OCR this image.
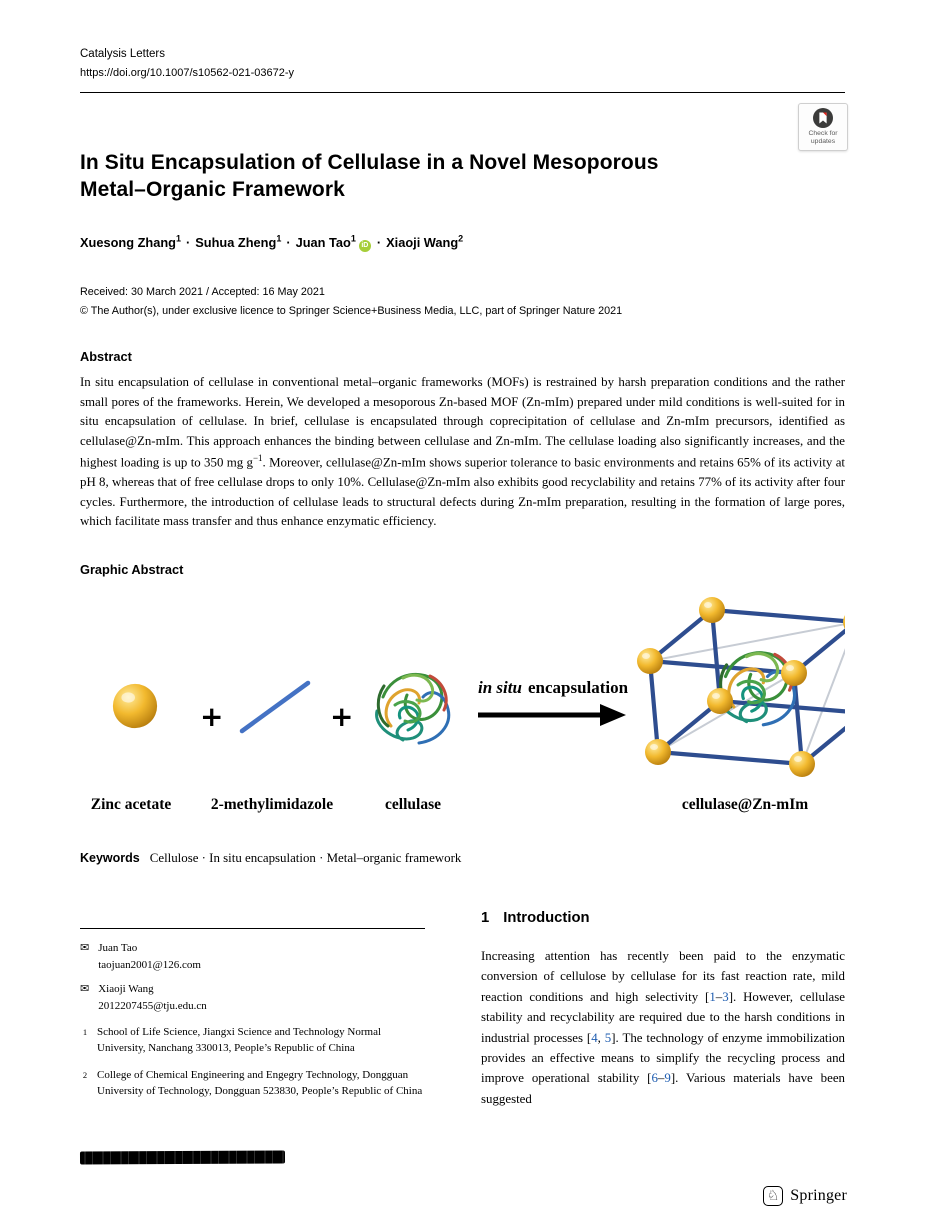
Check for
updates
Catalysis Letters
https://doi.org/10.1007/s10562-021-03672-y
In Situ Encapsulation of Cellulase in a Novel Mesoporous Metal–Organic Framework
Xuesong Zhang$^1$ · Suhua Zheng$^1$ · Juan Tao$^1$iD · Xiaoji Wang$^2$
Received: 30 March 2021 / Accepted: 16 May 2021
© The Author(s), under exclusive licence to Springer Science+Business Media, LLC, part of Springer Nature 2021
Abstract

In situ encapsulation of cellulase in conventional metal–organic frameworks (MOFs) is restrained by harsh preparation conditions and the rather small pores of the frameworks. Herein, We developed a mesoporous Zn-based MOF (Zn-mIm) prepared under mild conditions is well-suited for in situ encapsulation of cellulase. In brief, cellulase is encapsulated through coprecipitation of cellulase and Zn-mIm precursors, identified as cellulase@Zn-mIm. This approach enhances the binding between cellulase and Zn-mIm. The cellulase loading also significantly increases, and the highest loading is up to 350 mg $g^{-1}$. Moreover, cellulase@Zn-mIm shows superior tolerance to basic environments and retains 65% of its activity at pH 8, whereas that of free cellulase drops to only 10%. Cellulase@Zn-mIm also exhibits good recyclability and retains 77% of its activity after four cycles. Furthermore, the introduction of cellulase leads to structural defects during Zn-mIm preparation, resulting in the formation of large pores, which facilitate mass transfer and thus enhance enzymatic efficiency.

Graphic Abstract
+	+
in situ encapsulation
Zinc acetate	2-methylimidazole	cellulase	cellulase@Zn-mIm

Keywords Cellulose · In situ encapsulation · Metal–organic framework

✉ Juan Tao
taojuan2001@126.com
✉ Xiaoji Wang
2012207455@tju.edu.cn
1 School of Life Science, Jiangxi Science and Technology Normal University, Nanchang 330013, People’s Republic of China
2 College of Chemical Engineering and Engegry Technology, Dongguan University of Technology, Dongguan 523830, People’s Republic of China
1 Introduction

Increasing attention has recently been paid to the enzymatic conversion of cellulose by cellulase for its fast reaction rate, mild reaction conditions and high selectivity [1–3]. However, cellulase stability and recyclability are required due to the harsh conditions in industrial processes [4, 5]. The technology of enzyme immobilization provides an effective means to simplify the recycling process and improve operational stability [6–9]. Various materials have been suggested

♘ Springer
